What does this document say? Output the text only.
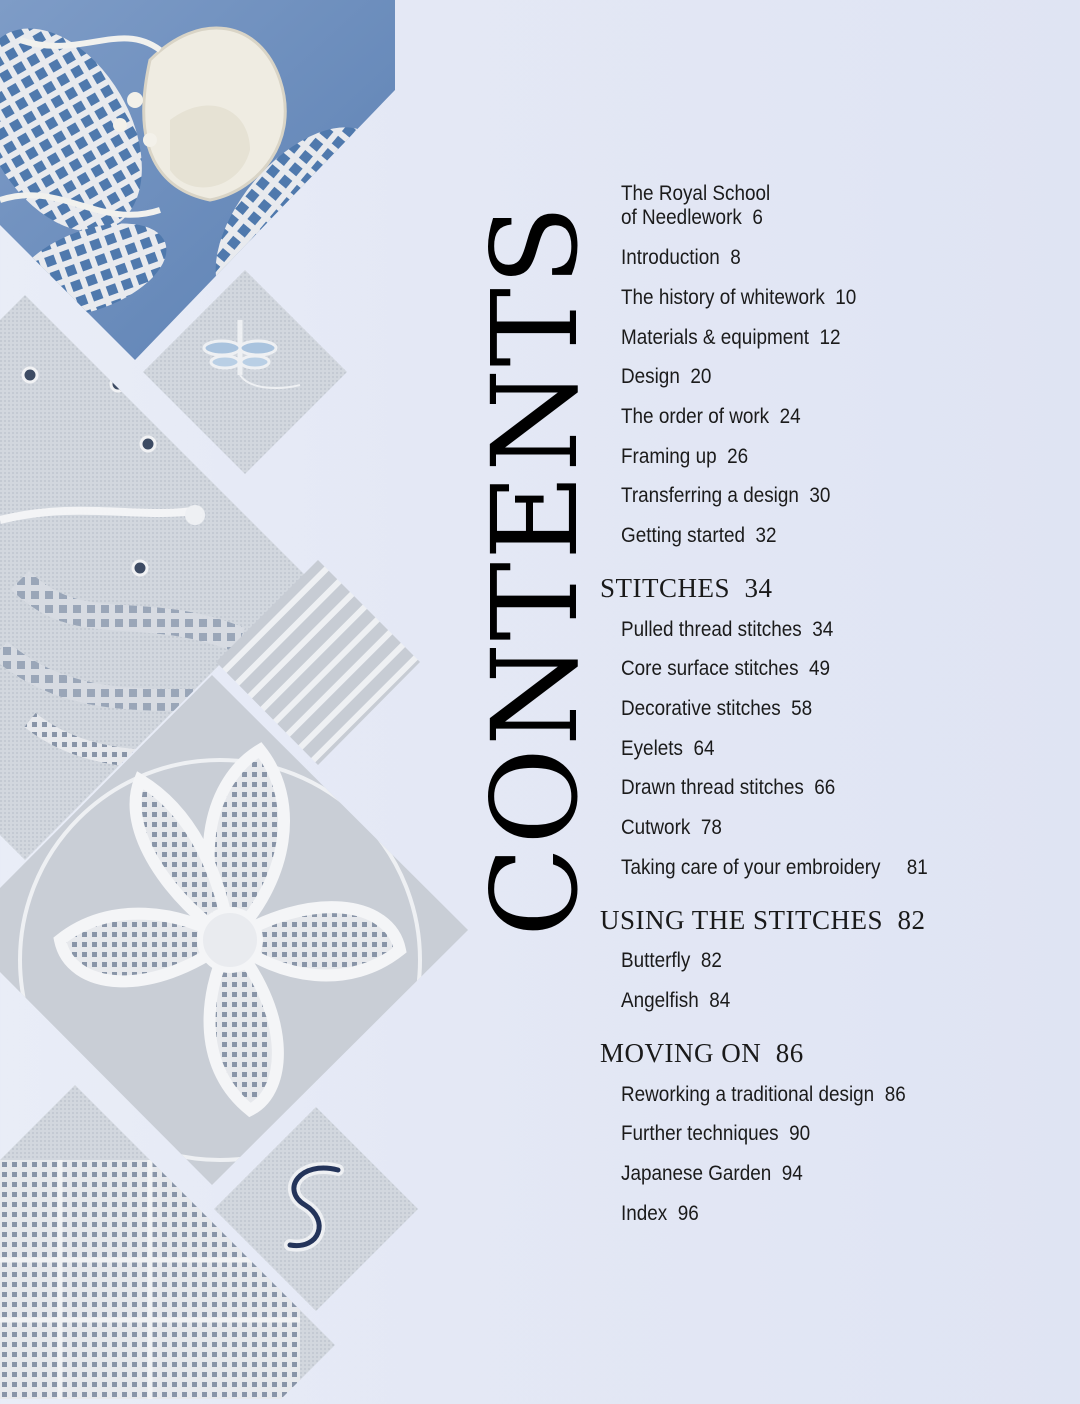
CONTENTS
The Royal School
of Needlework 6
Introduction 8
The history of whitework 10
Materials & equipment 12
Design 20
The order of work 24
Framing up 26
Transferring a design 30
Getting started 32
STITCHES 34
Pulled thread stitches 34
Core surface stitches 49
Decorative stitches 58
Eyelets 64
Drawn thread stitches 66
Cutwork 78
Taking care of your embroidery 81
USING THE STITCHES 82
Butterfly 82
Angelfish 84
MOVING ON 86
Reworking a traditional design 86
Further techniques 90
Japanese Garden 94
Index 96
